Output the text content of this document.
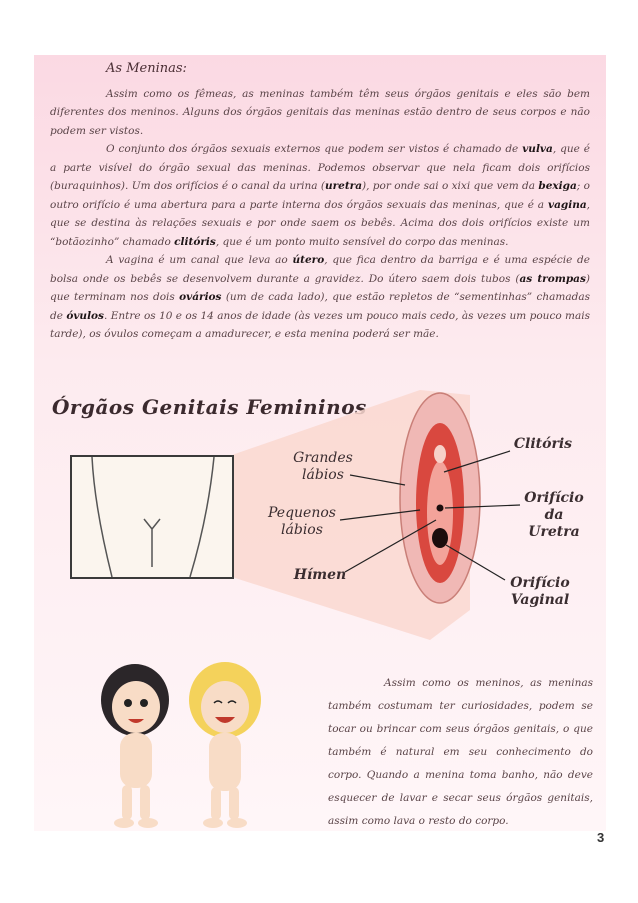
As Meninas:

Assim como os fêmeas, as meninas também têm seus órgãos genitais e eles são bem diferentes dos meninos. Alguns dos órgãos genitais das meninas estão dentro de seus corpos e não podem ser vistos.

O conjunto dos órgãos sexuais externos que podem ser vistos é chamado de vulva, que é a parte visível do órgão sexual das meninas. Podemos observar que nela ficam dois orifícios (buraquinhos). Um dos orifícios é o canal da urina (uretra), por onde sai o xixi que vem da bexiga; o outro orifício é uma abertura para a parte interna dos órgãos sexuais das meninas, que é a vagina, que se destina às relações sexuais e por onde saem os bebês. Acima dos dois orifícios existe um “botãozinho” chamado clitóris, que é um ponto muito sensível do corpo das meninas.

A vagina é um canal que leva ao útero, que fica dentro da barriga e é uma espécie de bolsa onde os bebês se desenvolvem durante a gravidez. Do útero saem dois tubos (as trompas) que terminam nos dois ovários (um de cada lado), que estão repletos de “sementinhas” chamadas de óvulos. Entre os 10 e os 14 anos de idade (às vezes um pouco mais cedo, às vezes um pouco mais tarde), os óvulos começam a amadurecer, e esta menina poderá ser mãe.

Órgãos Genitais Femininos
Grandes
lábios
Pequenos
lábios
Hímen
Clitóris
Orifício
da
Uretra
Orifício
Vaginal

Assim como os meninos, as meninas também costumam ter curiosidades, podem se tocar ou brincar com seus órgãos genitais, o que também é natural em seu conhecimento do corpo. Quando a menina toma banho, não deve esquecer de lavar e secar seus órgãos genitais, assim como lava o resto do corpo.

3
